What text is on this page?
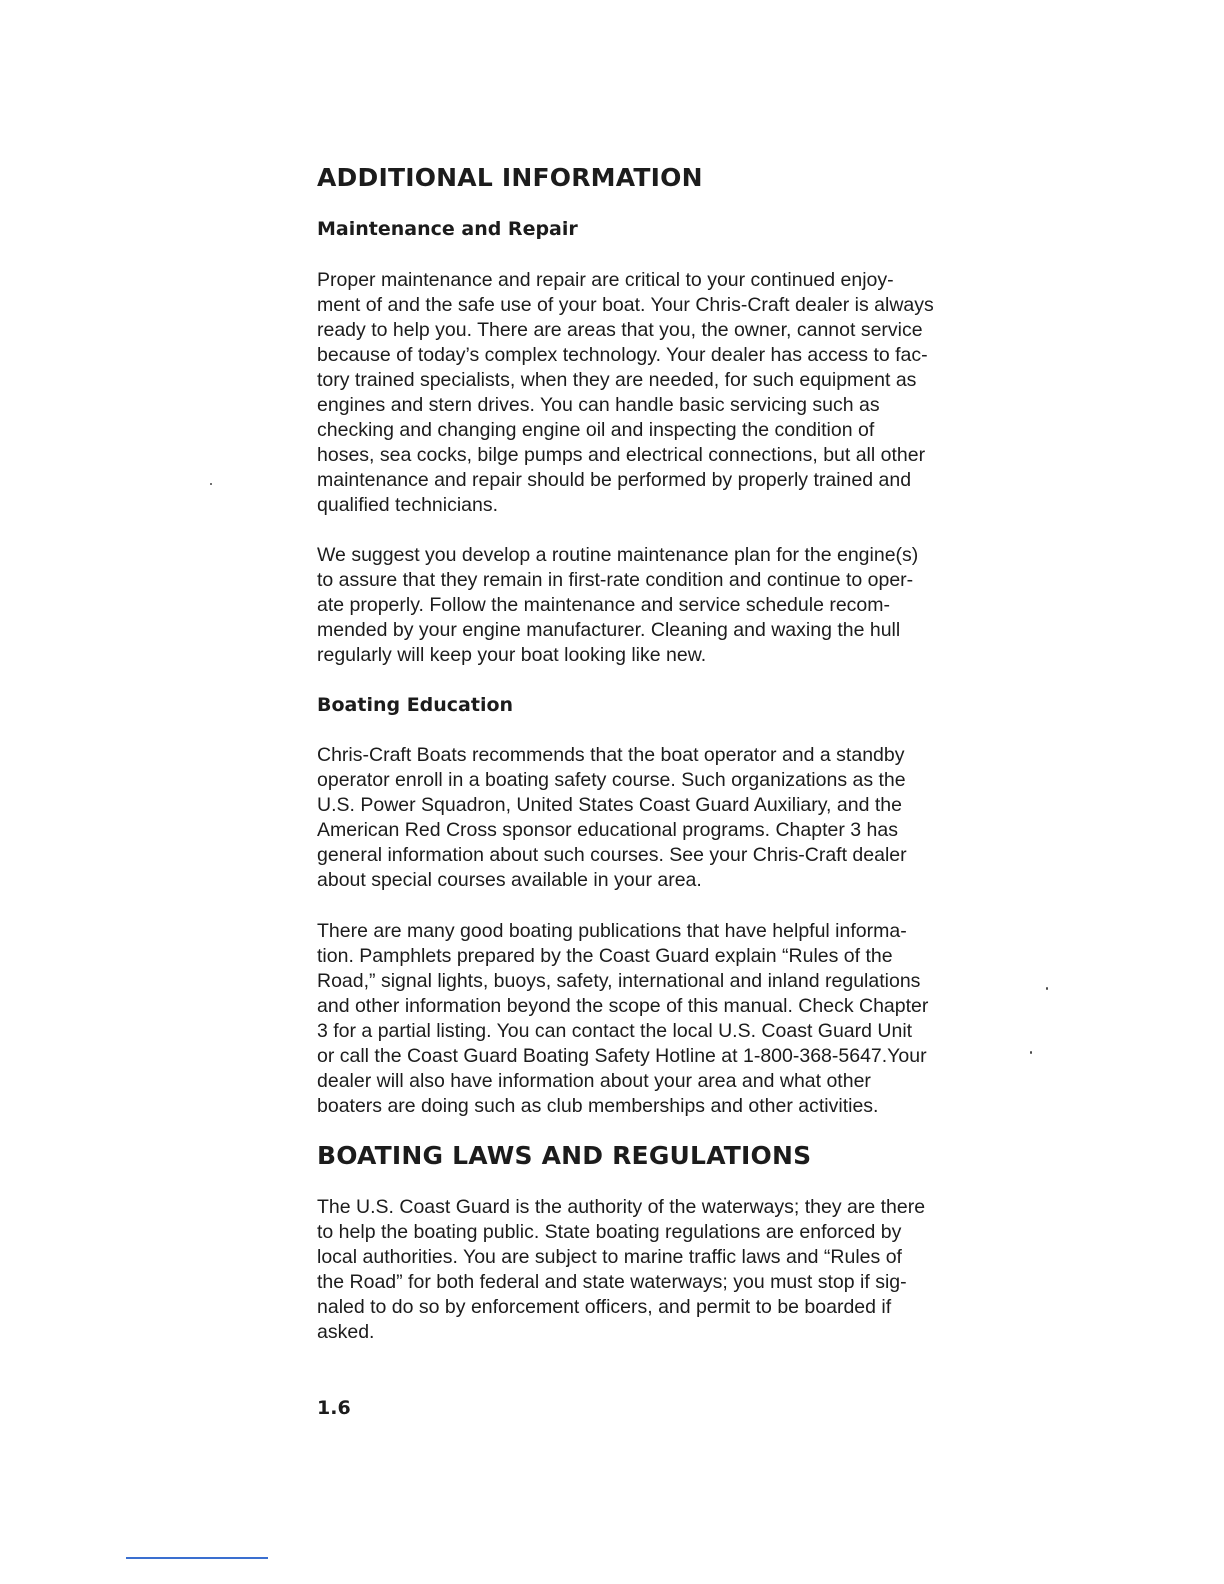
ADDITIONAL INFORMATION
Maintenance and Repair

Proper maintenance and repair are critical to your continued enjoy-
ment of and the safe use of your boat. Your Chris-Craft dealer is always
ready to help you. There are areas that you, the owner, cannot service
because of today’s complex technology. Your dealer has access to fac-
tory trained specialists, when they are needed, for such equipment as
engines and stern drives. You can handle basic servicing such as
checking and changing engine oil and inspecting the condition of
hoses, sea cocks, bilge pumps and electrical connections, but all other
maintenance and repair should be performed by properly trained and
qualified technicians.

We suggest you develop a routine maintenance plan for the engine(s)
to assure that they remain in first-rate condition and continue to oper-
ate properly. Follow the maintenance and service schedule recom-
mended by your engine manufacturer. Cleaning and waxing the hull
regularly will keep your boat looking like new.

Boating Education

Chris-Craft Boats recommends that the boat operator and a standby
operator enroll in a boating safety course. Such organizations as the
U.S. Power Squadron, United States Coast Guard Auxiliary, and the
American Red Cross sponsor educational programs. Chapter 3 has
general information about such courses. See your Chris-Craft dealer
about special courses available in your area.

There are many good boating publications that have helpful informa-
tion. Pamphlets prepared by the Coast Guard explain “Rules of the
Road,” signal lights, buoys, safety, international and inland regulations
and other information beyond the scope of this manual. Check Chapter
3 for a partial listing. You can contact the local U.S. Coast Guard Unit
or call the Coast Guard Boating Safety Hotline at 1-800-368-5647.Your
dealer will also have information about your area and what other
boaters are doing such as club memberships and other activities.

BOATING LAWS AND REGULATIONS

The U.S. Coast Guard is the authority of the waterways; they are there
to help the boating public. State boating regulations are enforced by
local authorities. You are subject to marine traffic laws and “Rules of
the Road” for both federal and state waterways; you must stop if sig-
naled to do so by enforcement officers, and permit to be boarded if
asked.

1.6
